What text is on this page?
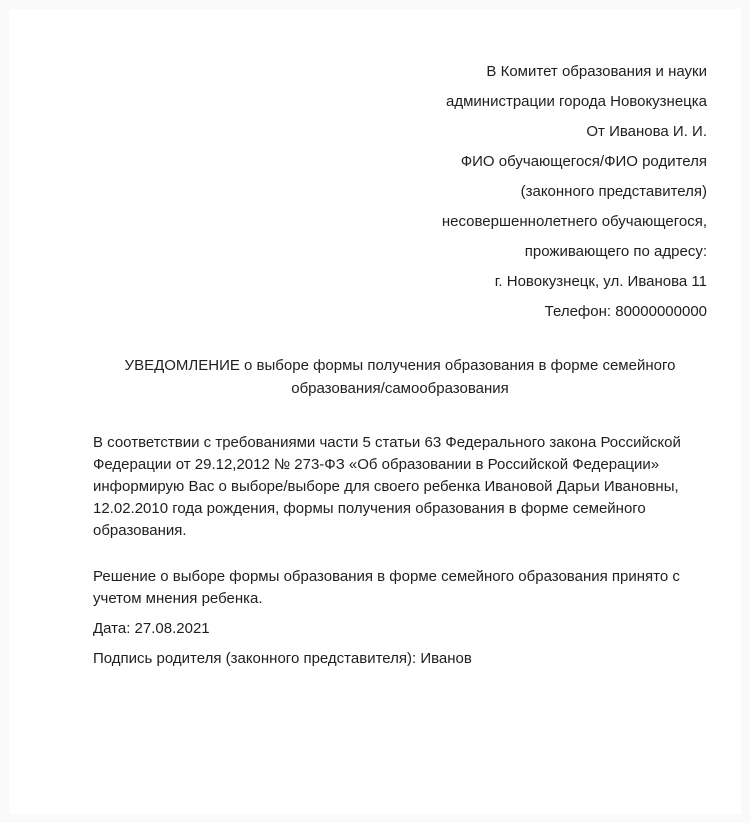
В Комитет образования и науки
администрации города Новокузнецка
От Иванова И. И.
ФИО обучающегося/ФИО родителя
(законного представителя)
несовершеннолетнего обучающегося,
проживающего по адресу:
г. Новокузнецк, ул. Иванова 11
Телефон: 80000000000
УВЕДОМЛЕНИЕ о выборе формы получения образования в форме семейного образования/самообразования

В соответствии с требованиями части 5 статьи 63 Федерального закона Российской Федерации от 29.12,2012 № 273-ФЗ «Об образовании в Российской Федерации» информирую Вас о выборе/выборе для своего ребенка Ивановой Дарьи Ивановны, 12.02.2010 года рождения, формы получения образования в форме семейного образования.

Решение о выборе формы образования в форме семейного образования принято с учетом мнения ребенка.

Дата: 27.08.2021

Подпись родителя (законного представителя): Иванов
